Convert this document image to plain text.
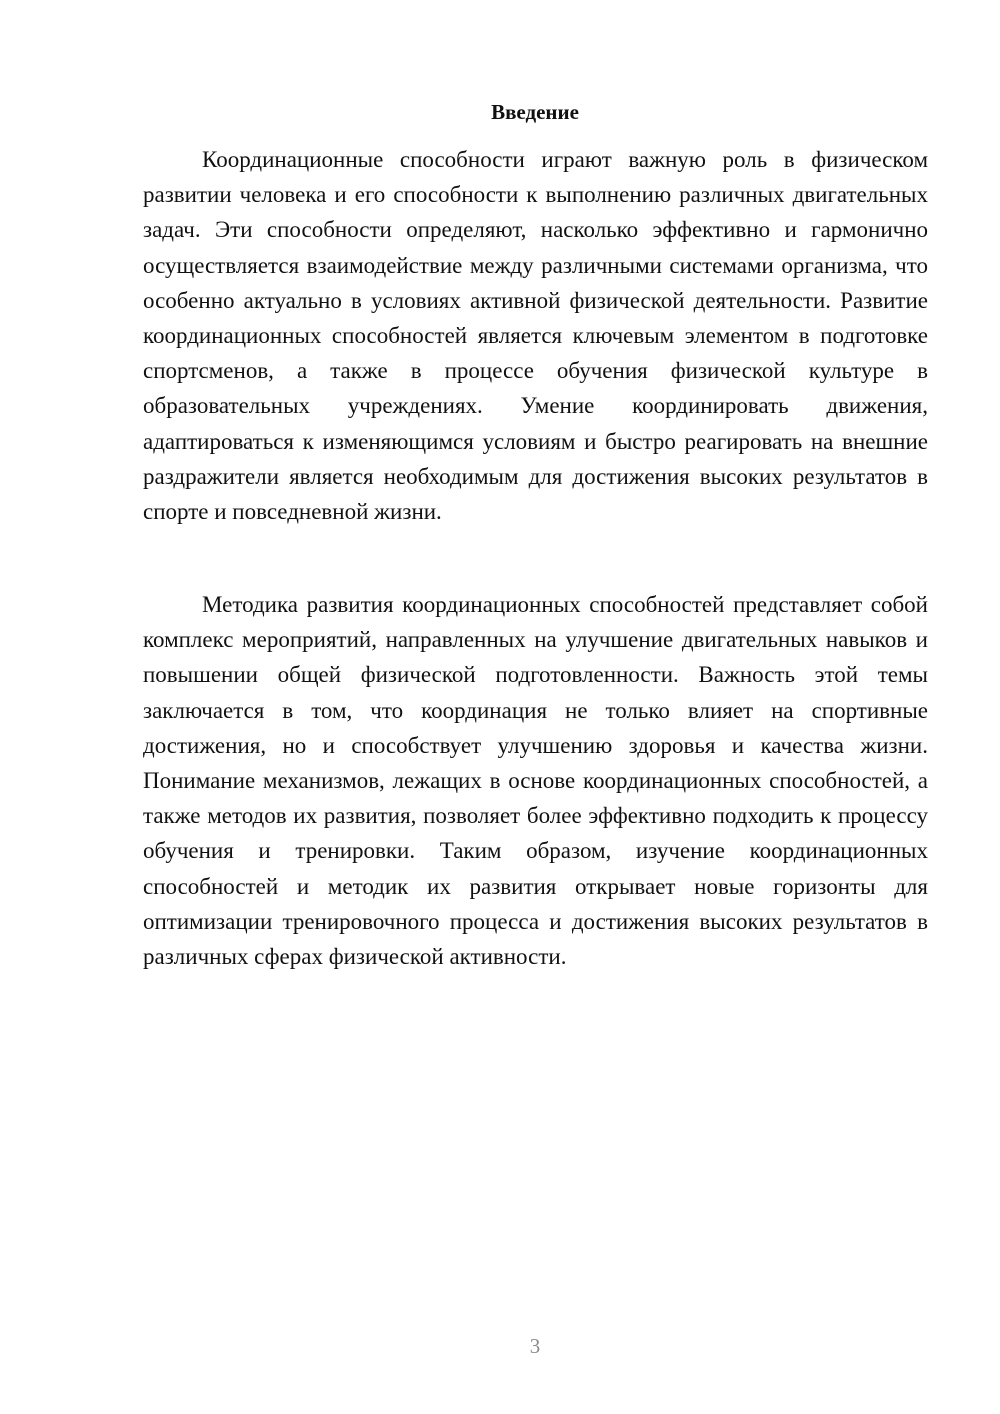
Введение

Координационные способности играют важную роль в физическом развитии человека и его способности к выполнению различных двигательных задач. Эти способности определяют, насколько эффективно и гармонично осуществляется взаимодействие между различными системами организма, что особенно актуально в условиях активной физической деятельности. Развитие координационных способностей является ключевым элементом в подготовке спортсменов, а также в процессе обучения физической культуре в образовательных учреждениях. Умение координировать движения, адаптироваться к изменяющимся условиям и быстро реагировать на внешние раздражители является необходимым для достижения высоких результатов в спорте и повседневной жизни.

Методика развития координационных способностей представляет собой комплекс мероприятий, направленных на улучшение двигательных навыков и повышении общей физической подготовленности. Важность этой темы заключается в том, что координация не только влияет на спортивные достижения, но и способствует улучшению здоровья и качества жизни. Понимание механизмов, лежащих в основе координационных способностей, а также методов их развития, позволяет более эффективно подходить к процессу обучения и тренировки. Таким образом, изучение координационных способностей и методик их развития открывает новые горизонты для оптимизации тренировочного процесса и достижения высоких результатов в различных сферах физической активности.

3
